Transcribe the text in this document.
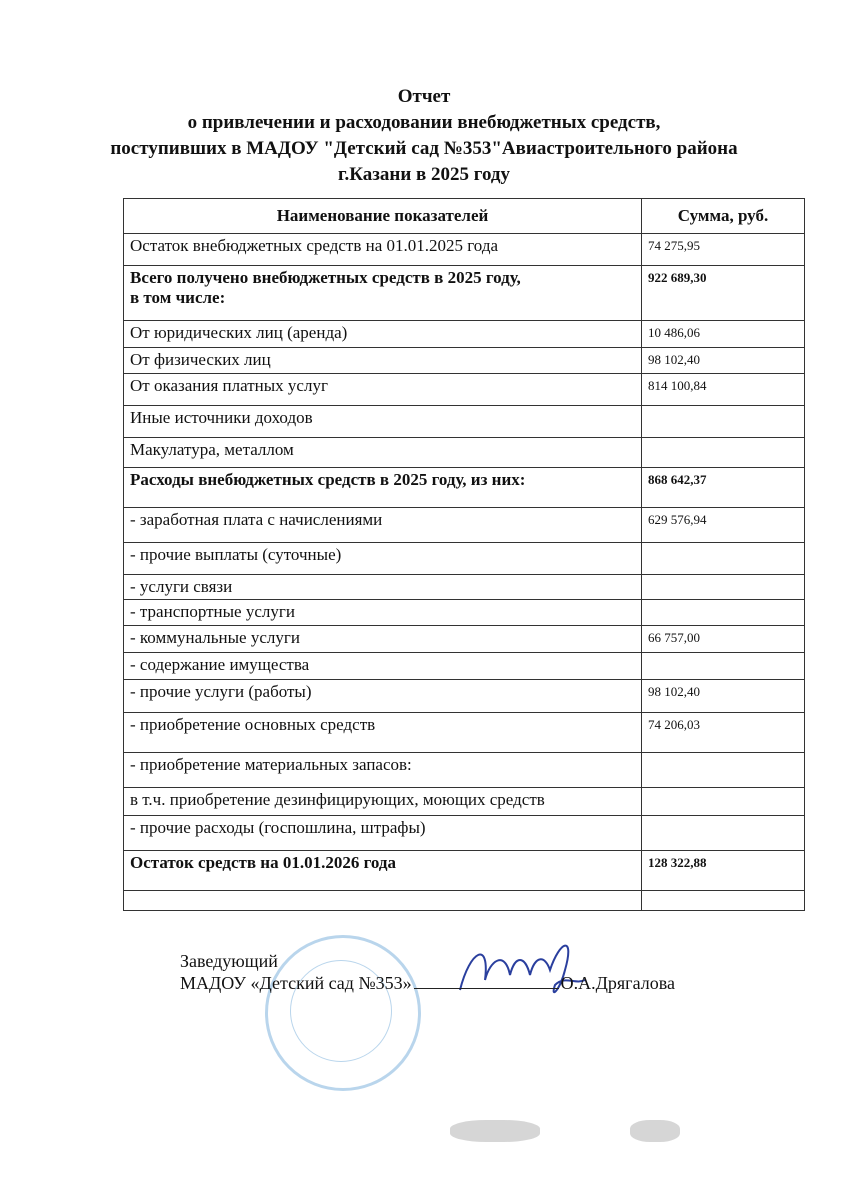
Отчет
о привлечении и расходовании внебюджетных средств,
поступивших в МАДОУ "Детский сад №353"Авиастроительного района
г.Казани в 2025 году
Наименование показателей	Сумма, руб.

Остаток внебюджетных средств на 01.01.2025 года	74 275,95

Всего получено внебюджетных средств в 2025 году,
в том числе:	922 689,30

От юридических лиц (аренда)	10 486,06

От физических лиц	98 102,40

От оказания платных услуг	814 100,84

Иные источники доходов	

Макулатура, металлом	

Расходы внебюджетных средств в 2025 году, из них:	868 642,37

- заработная плата с начислениями	629 576,94

- прочие выплаты (суточные)	

- услуги связи	

- транспортные услуги	

- коммунальные услуги	66 757,00

- содержание имущества	

- прочие услуги (работы)	98 102,40

- приобретение основных средств	74 206,03

- приобретение материальных запасов:	

в т.ч. приобретение дезинфицирующих, моющих средств	

- прочие расходы (госпошлина, штрафы)	

Остаток средств на 01.01.2026 года	128 322,88

Заведующий
МАДОУ «Детский сад №353»	О.А.Дрягалова
